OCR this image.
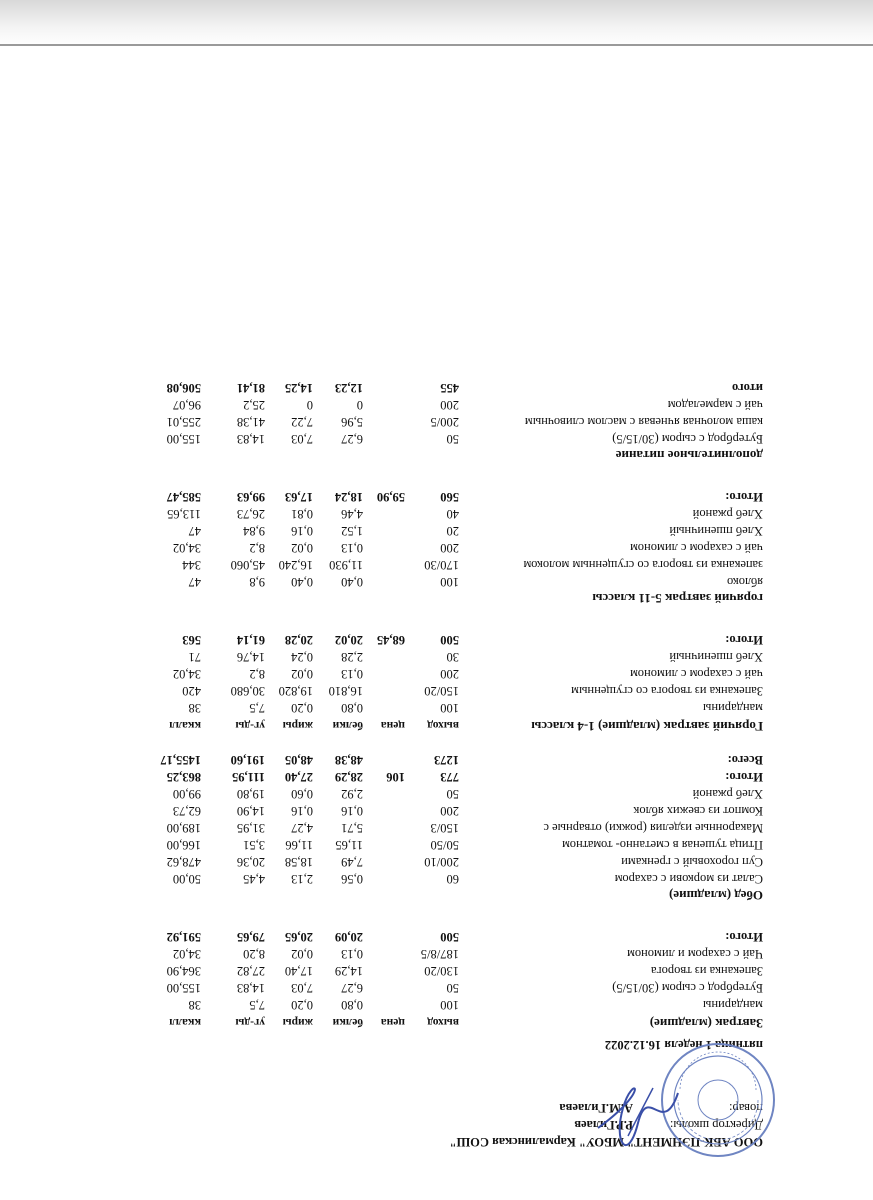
ООО АБК-ПЭНМЕНТ" МБОУ" Кармалинская СОШ"
Директор школы:
Р.Р.Гилаев
повар:
А.М.Гилаева
пятница 1 неделя 16.12.2022
Завтрак (младшие)
выход
цена
белки
жиры
уг-ды
ккалл
мандарины
100
0,80
0,20
7,5
38
Бутерброд с сыром (30/15/5)
50
6,27
7,03
14,83
155,00
Запеканка из творога
130/20
14,29
17,40
27,82
364,90
Чай с сахаром и лимоном
187/8/5
0,13
0,02
8,20
34,02
Итого:
500
20,09
20,65
79,65
591,92
Обед (младшие)
Салат из моркови с сахаром
60
0,56
2,13
4,45
50,00
Суп гороховый с гренками
200/10
7,49
18,58
20,36
478,62
Птица тушеная в сметанно- томатном
50/50
11,65
11,66
3,51
166,00
Макаронные изделия (рожки) отварные с
150/3
5,71
4,27
31,95
189,00
Компот из свежих яблок
200
0,16
0,16
14,90
62,73
Хлеб ржаной
50
2,92
0,60
19,80
99,00
Итого:
773
106
28,29
27,40
111,95
863,25
Всего:
1273
48,38
48,05
191,60
1455,17
Горячий завтрак (младшие) 1-4 классы
выход
цена
белки
жиры
уг-ды
ккалл
мандарины
100
0,80
0,20
7,5
38
Запеканка из творога со сгущенным
150/20
16,810
19,820
30,680
420
чай с сахаром с лимоном
200
0,13
0,02
8,2
34,02
Хлеб пшеничный
30
2,28
0,24
14,76
71
Итого:
500
68,45
20,02
20,28
61,14
563
горячий завтрак 5-11 классы
яблоко
100
0,40
0,40
9,8
47
запеканка из творога со сгущенным молоком
170/30
11,930
16,240
45,060
344
чай с сахаром с лимоном
200
0,13
0,02
8,2
34,02
Хлеб пшеничный
20
1,52
0,16
9,84
47
Хлеб ржаной
40
4,46
0,81
26,73
113,65
Итого:
560
59,90
18,24
17,63
99,63
585,47
дополнительное питание
Бутерброд с сыром (30/15/5)
50
6,27
7,03
14,83
155,00
каша молочная ячневая с маслом сливочным
200/5
5,96
7,22
41,38
255,01
чай с мармеладом
200
0
0
25,2
96,07
итого
455
12,23
14,25
81,41
506,08
